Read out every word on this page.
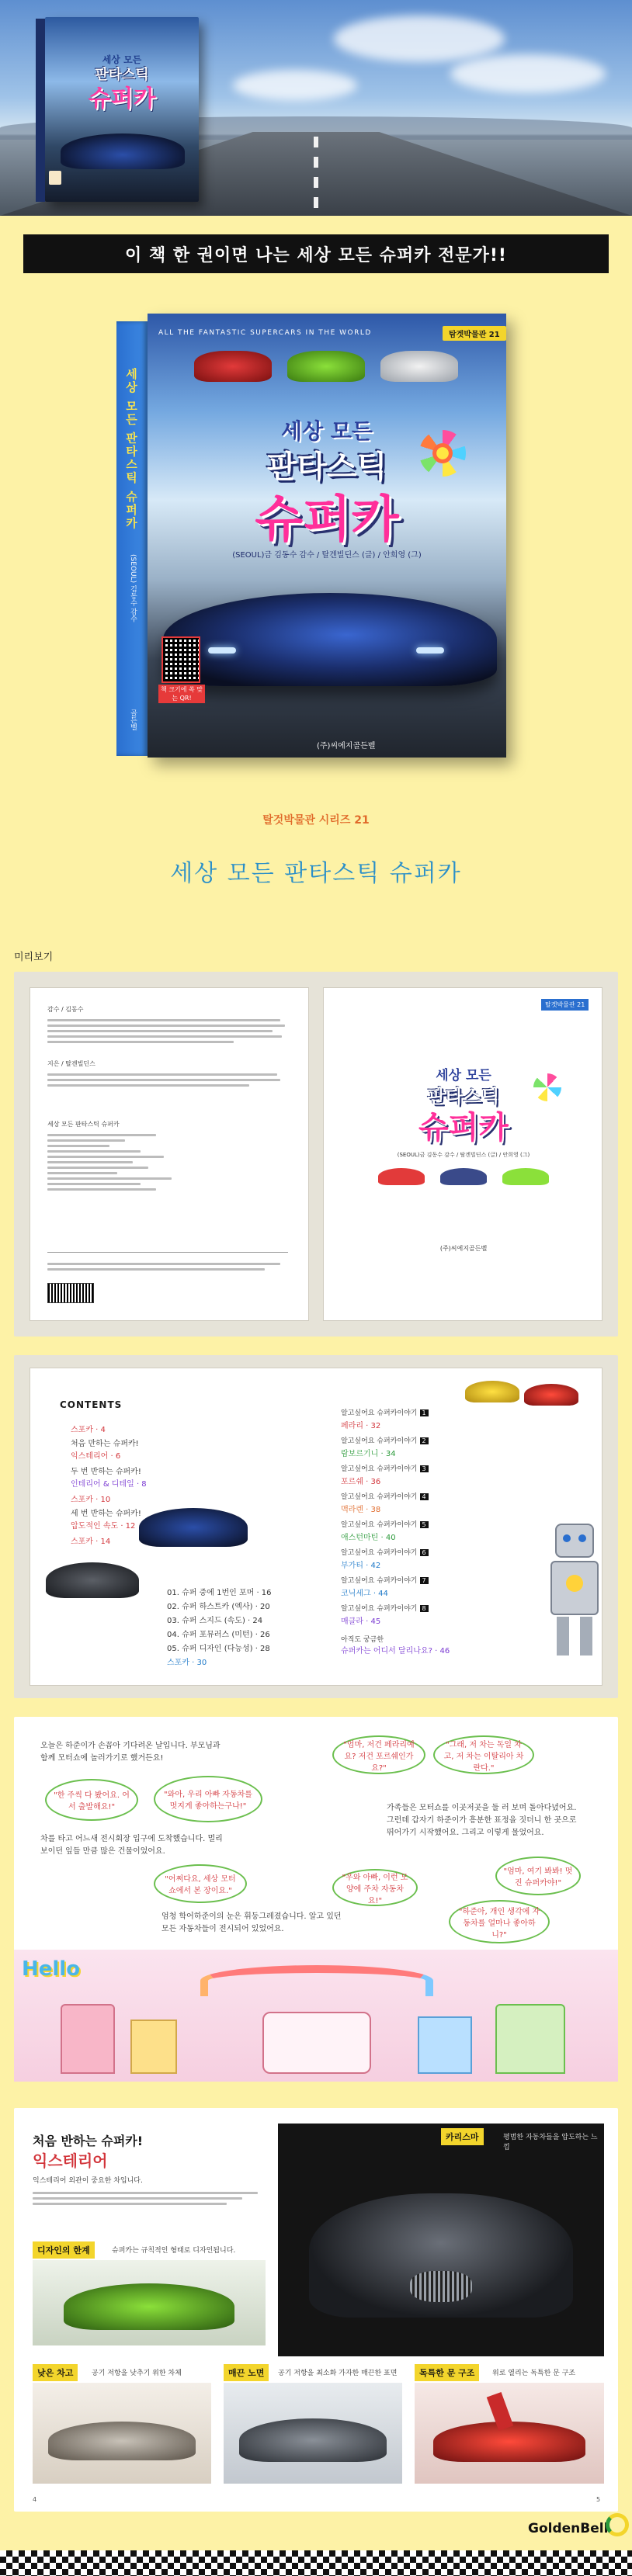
세상 모든
판타스틱
슈퍼카
이 책 한 권이면 나는 세상 모든 슈퍼카 전문가!!
세상 모든 판타스틱 슈퍼카
(SEOUL) 김동수 감수
골든벨
ALL THE FANTASTIC SUPERCARS IN THE WORLD	탐겟박물관 21
세상 모든
판타스틱
슈퍼카
(SEOUL)금 김동수 감수 / 탈겐빌딘스 (글) / 안희영 (그)
책 크기에 쏙 맞는 QR!
(주)씨에지골든벨
탈것박물관 시리즈 21
세상 모든 판타스틱 슈퍼카
미리보기
감수 / 김동수
지은 / 탈겐빌딘스
세상 모든 판타스틱 슈퍼카
탈겟박물관 21
세상 모든
판타스틱
슈퍼카
(SEOUL)금 김동수 감수 / 탈겐빌딘스 (글) / 안희영 (그)
(주)씨에지골든벨
CONTENTS
스포카 · 4
처음 만하는 슈퍼카!
익스테리어 · 6
두 번 반하는 슈퍼카!
인테리어 & 디테일 · 8
스포카 · 10
세 번 반하는 슈퍼카!
압도적인 속도 · 12
스포카 · 14
01. 슈퍼 중에 1번인 포머 · 16
02. 슈퍼 하스트카 (엑사) · 20
03. 슈퍼 스지드 (속도) · 24
04. 슈퍼 포뮤러스 (미턴) · 26
05. 슈퍼 디자인 (다능성) · 28
스포카 · 30
알고싶어요 슈퍼카이야기 1
페라리 · 32
알고싶어요 슈퍼카이야기 2
람보르기니 · 34
알고싶어요 슈퍼카이야기 3
포르쉐 · 36
알고싶어요 슈퍼카이야기 4
맥라렌 · 38
알고싶어요 슈퍼카이야기 5
애스턴마틴 · 40
알고싶어요 슈퍼카이야기 6
부가티 · 42
알고싶어요 슈퍼카이야기 7
코닉세그 · 44
알고싶어요 슈퍼카이야기 8
매클라 · 45
아직도 궁금한
슈퍼카는 어디서 달리나요? · 46
오늘은 하준이가 손꼽아 기다려온 날입니다. 부모님과 함께 모터쇼에 놀러가기로 했거든요!
"한 주씩 다 봤어요. 어서 출발해요!"
"와아, 우리 아빠 자동차를 멋지게 좋아하는구나!"
차를 타고 어느새 전시회장 입구에 도착했습니다. 멀리 보이던 잎들 만큼 많은 건물이었어요.
"어쩌다요, 세상 모터쇼에서 본 장이요."
엄청 학어하준이의 눈은 휘둥그레졌습니다. 알고 있던 모든 자동차들이 전시되어 있었어요.
"엄마, 저건 페라리예요? 저건 포르쉐인가요?"
"그래, 저 차는 독일 차고, 저 차는 이탈리아 차란다."
가족들은 모터쇼를 이곳저곳을 둘 러 보며 돌아다녔어요. 그런데 갑자기 하준이가 흥분한 표정을 짓더니 한 곳으로 뛰어가기 시작했어요. 그리고 이렇게 물었어요.
"우와 아빠, 이런 모양에 주차 자동차요!"
"엄마, 여기 봐봐! 멋진 슈퍼카야!"
"하준아, 개인 생각에 자동차를 얼마나 좋아하니?"
Hello
처음 반하는 슈퍼카!
익스테리어
익스테리어 외관이 중요한 차입니다.
디자인의 한계	슈퍼카는 규칙적인 형태로 디자인됩니다.
카리스마	평범한 자동차들을 압도하는 느낌
낮은 차고	공기 저항을 낮추기 위한 차체	매끈 노면	공기 저항을 최소화 가자한 매끈한 표면	독특한 문 구조	위로 열리는 독특한 문 구조
4	5
GoldenBell
